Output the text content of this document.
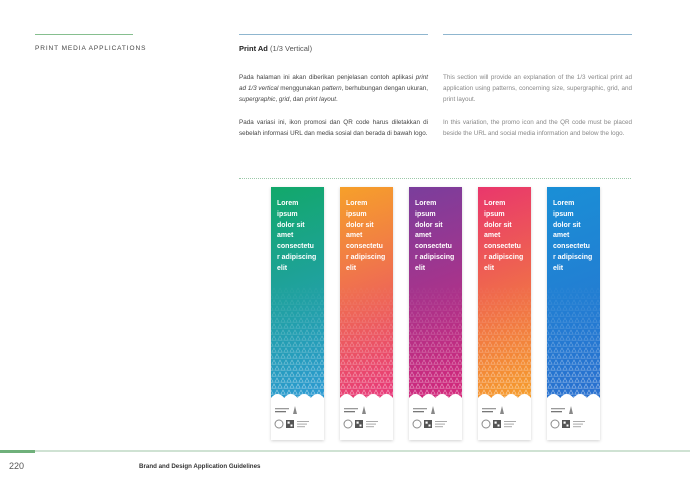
PRINT MEDIA APPLICATIONS	Print Ad (1/3 Vertical)

Pada halaman ini akan diberikan penjelasan contoh aplikasi print ad 1/3 vertical menggunakan pattern, berhubungan dengan ukuran, supergraphic, grid, dan print layout.

Pada variasi ini, ikon promosi dan QR code harus diletakkan di sebelah informasi URL dan media sosial dan berada di bawah logo.

This section will provide an explanation of the 1/3 vertical print ad application using patterns, concerning size, supergraphic, grid, and print layout.

In this variation, the promo icon and the QR code must be placed beside the URL and social media information and below the logo.

Lorem
ipsum
dolor sit
amet
consectetu
r adipiscing
elit
Lorem
ipsum
dolor sit
amet
consectetu
r adipiscing
elit
Lorem
ipsum
dolor sit
amet
consectetu
r adipiscing
elit
Lorem
ipsum
dolor sit
amet
consectetu
r adipiscing
elit
Lorem
ipsum
dolor sit
amet
consectetu
r adipiscing
elit
220	Brand and Design Application Guidelines
